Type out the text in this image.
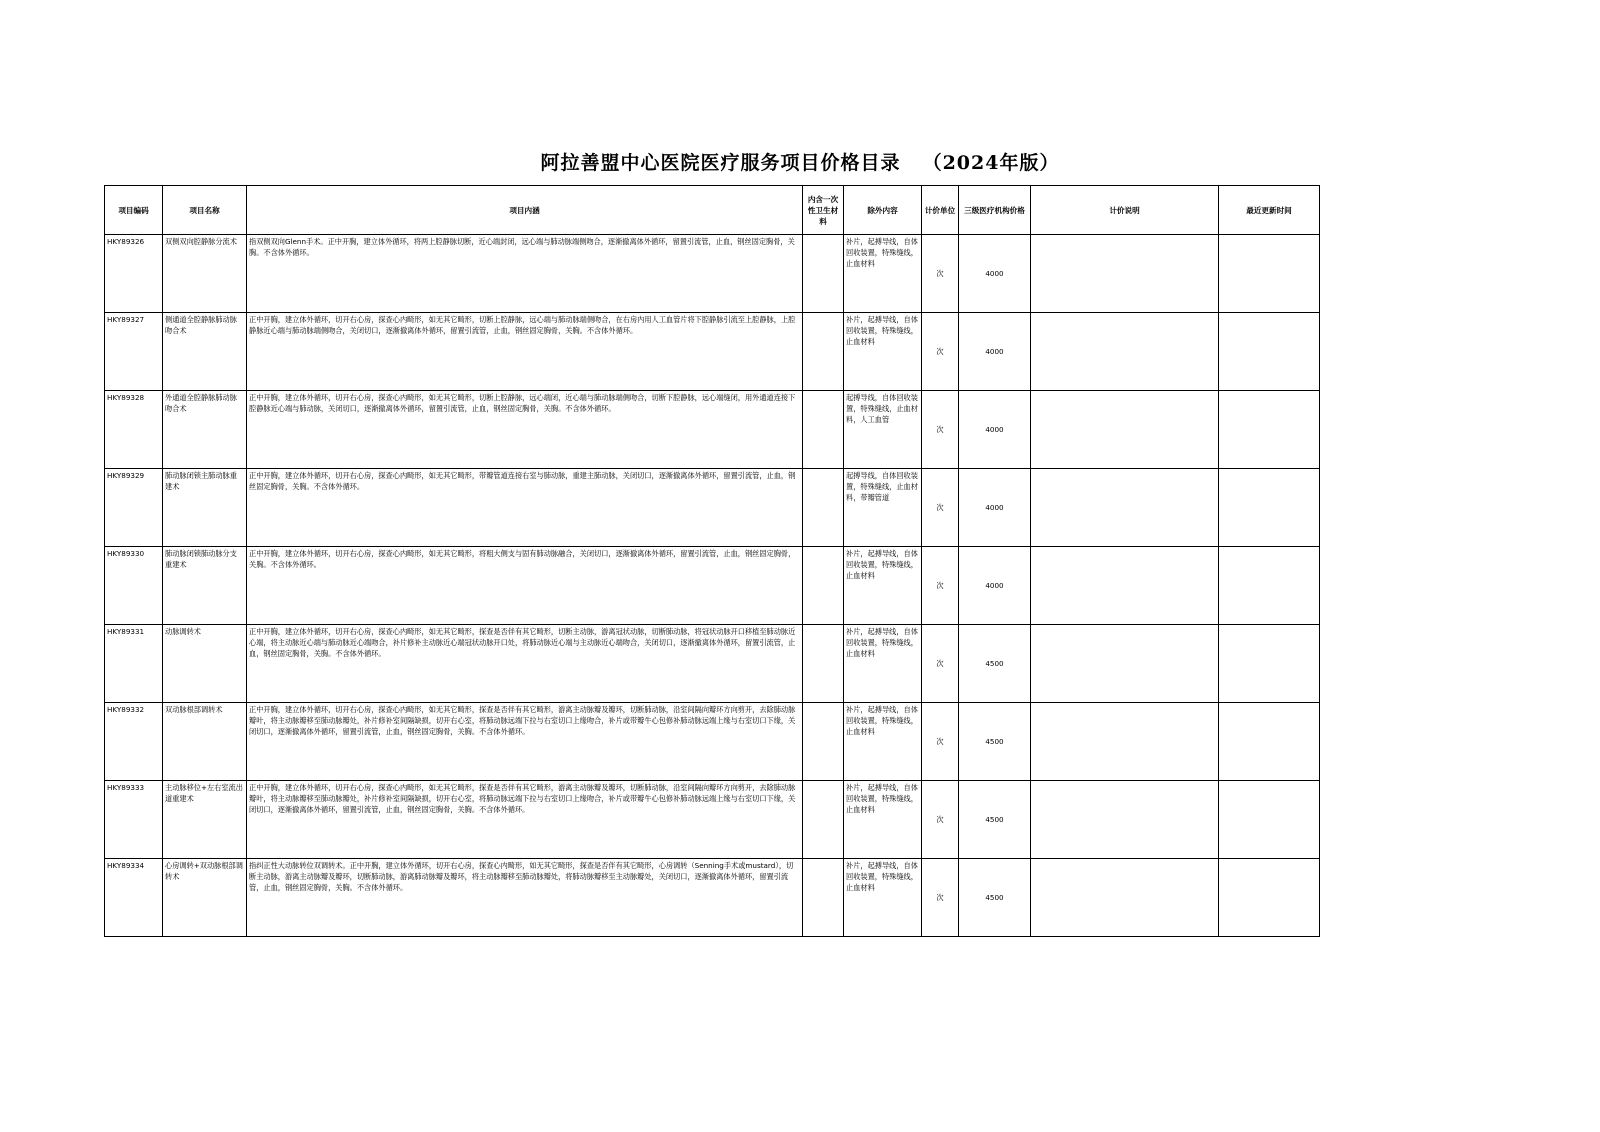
阿拉善盟中心医院医疗服务项目价格目录 （2024年版）
项目编码	项目名称	项目内涵	内含一次性卫生材料	除外内容	计价单位	三级医疗机构价格	计价说明	最近更新时间
HKY89326	双侧双向腔静脉分流术	指双侧双向Glenn手术。正中开胸，建立体外循环，将两上腔静脉切断，近心端封闭，远心端与肺动脉端侧吻合，逐渐撤离体外循环，留置引流管，止血，钢丝固定胸骨，关胸。不含体外循环。		补片，起搏导线，自体回收装置，特殊缝线，止血材料	次	4000		
HKY89327	侧通道全腔静脉肺动脉吻合术	正中开胸，建立体外循环，切开右心房，探查心内畸形，如无其它畸形，切断上腔静脉，远心端与肺动脉端侧吻合，在右房内用人工血管片将下腔静脉引流至上腔静脉，上腔静脉近心端与肺动脉端侧吻合，关闭切口，逐渐撤离体外循环，留置引流管，止血，钢丝固定胸骨，关胸。不含体外循环。		补片，起搏导线，自体回收装置，特殊缝线，止血材料	次	4000		
HKY89328	外通道全腔静脉肺动脉吻合术	正中开胸，建立体外循环，切开右心房，探查心内畸形，如无其它畸形，切断上腔静脉，远心端闭，近心端与肺动脉端侧吻合，切断下腔静脉，远心端缝闭，用外通道连接下腔静脉近心端与肺动脉，关闭切口，逐渐撤离体外循环，留置引流管，止血，钢丝固定胸骨，关胸。不含体外循环。		起搏导线，自体回收装置，特殊缝线，止血材料，人工血管	次	4000		
HKY89329	肺动脉闭锁主肺动脉重建术	正中开胸，建立体外循环，切开右心房，探查心内畸形，如无其它畸形，带瓣管道连接右室与肺动脉，重建主肺动脉，关闭切口，逐渐撤离体外循环，留置引流管，止血，钢丝固定胸骨，关胸。不含体外循环。		起搏导线，自体回收装置，特殊缝线，止血材料，带瓣管道	次	4000		
HKY89330	肺动脉闭锁肺动脉分支重建术	正中开胸，建立体外循环，切开右心房，探查心内畸形，如无其它畸形，将粗大侧支与固有肺动脉融合，关闭切口，逐渐撤离体外循环，留置引流管，止血，钢丝固定胸骨，关胸。不含体外循环。		补片，起搏导线，自体回收装置，特殊缝线，止血材料	次	4000		
HKY89331	动脉调转术	正中开胸，建立体外循环，切开右心房，探查心内畸形，如无其它畸形，探查是否伴有其它畸形，切断主动脉，游离冠状动脉，切断肺动脉，将冠状动脉开口移植至肺动脉近心端，将主动脉近心端与肺动脉近心端吻合，补片修补主动脉近心端冠状动脉开口处，将肺动脉近心端与主动脉近心端吻合，关闭切口，逐渐撤离体外循环，留置引流管，止血，钢丝固定胸骨，关胸。不含体外循环。		补片，起搏导线，自体回收装置，特殊缝线，止血材料	次	4500		
HKY89332	双动脉根部调转术	正中开胸，建立体外循环，切开右心房，探查心内畸形，如无其它畸形，探查是否伴有其它畸形，游离主动脉瓣及瓣环，切断肺动脉，沿室间隔向瓣环方向剪开，去除肺动脉瓣叶，将主动脉瓣移至肺动脉瓣处，补片修补室间隔缺损，切开右心室，将肺动脉远端下拉与右室切口上缘吻合，补片或带瓣牛心包修补肺动脉远端上缘与右室切口下缘，关闭切口，逐渐撤离体外循环，留置引流管，止血，钢丝固定胸骨，关胸。不含体外循环。		补片，起搏导线，自体回收装置，特殊缝线，止血材料	次	4500		
HKY89333	主动脉移位+左右室流出道重建术	正中开胸，建立体外循环，切开右心房，探查心内畸形，如无其它畸形，探查是否伴有其它畸形，游离主动脉瓣及瓣环，切断肺动脉，沿室间隔向瓣环方向剪开，去除肺动脉瓣叶，将主动脉瓣移至肺动脉瓣处，补片修补室间隔缺损，切开右心室，将肺动脉远端下拉与右室切口上缘吻合，补片或带瓣牛心包修补肺动脉远端上缘与右室切口下缘，关闭切口，逐渐撤离体外循环，留置引流管，止血，钢丝固定胸骨，关胸。不含体外循环。		补片，起搏导线，自体回收装置，特殊缝线，止血材料	次	4500		
HKY89334	心房调转+双动脉根部调转术	指纠正性大动脉转位双调转术。正中开胸，建立体外循环，切开右心房，探查心内畸形，如无其它畸形，探查是否伴有其它畸形，心房调转（Senning手术或mustard），切断主动脉，游离主动脉瓣及瓣环，切断肺动脉，游离肺动脉瓣及瓣环，将主动脉瓣移至肺动脉瓣处，将肺动脉瓣移至主动脉瓣处，关闭切口，逐渐撤离体外循环，留置引流管，止血，钢丝固定胸骨，关胸。不含体外循环。		补片，起搏导线，自体回收装置，特殊缝线，止血材料	次	4500		
